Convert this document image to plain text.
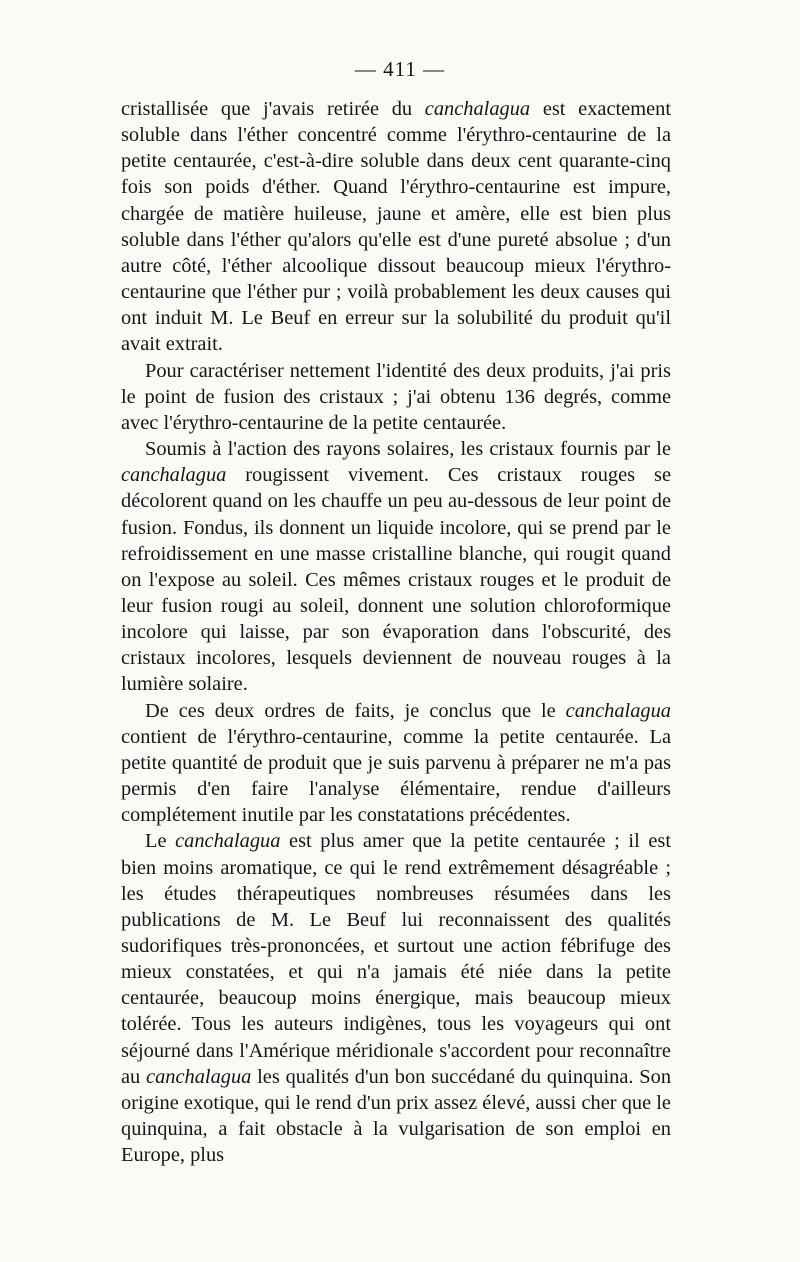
— 411 —

cristallisée que j'avais retirée du canchalagua est exactement soluble dans l'éther concentré comme l'érythro-centaurine de la petite centaurée, c'est-à-dire soluble dans deux cent quarante-cinq fois son poids d'éther. Quand l'érythro-centaurine est impure, chargée de matière huileuse, jaune et amère, elle est bien plus soluble dans l'éther qu'alors qu'elle est d'une pureté absolue ; d'un autre côté, l'éther alcoolique dissout beaucoup mieux l'érythro-centaurine que l'éther pur ; voilà probablement les deux causes qui ont induit M. Le Beuf en erreur sur la solubilité du produit qu'il avait extrait.

Pour caractériser nettement l'identité des deux produits, j'ai pris le point de fusion des cristaux ; j'ai obtenu 136 degrés, comme avec l'érythro-centaurine de la petite centaurée.

Soumis à l'action des rayons solaires, les cristaux fournis par le canchalagua rougissent vivement. Ces cristaux rouges se décolorent quand on les chauffe un peu au-dessous de leur point de fusion. Fondus, ils donnent un liquide incolore, qui se prend par le refroidissement en une masse cristalline blanche, qui rougit quand on l'expose au soleil. Ces mêmes cristaux rouges et le produit de leur fusion rougi au soleil, donnent une solution chloroformique incolore qui laisse, par son évaporation dans l'obscurité, des cristaux incolores, lesquels deviennent de nouveau rouges à la lumière solaire.

De ces deux ordres de faits, je conclus que le canchalagua contient de l'érythro-centaurine, comme la petite centaurée. La petite quantité de produit que je suis parvenu à préparer ne m'a pas permis d'en faire l'analyse élémentaire, rendue d'ailleurs complétement inutile par les constatations précédentes.

Le canchalagua est plus amer que la petite centaurée ; il est bien moins aromatique, ce qui le rend extrêmement désagréable ; les études thérapeutiques nombreuses résumées dans les publications de M. Le Beuf lui reconnaissent des qualités sudorifiques très-prononcées, et surtout une action fébrifuge des mieux constatées, et qui n'a jamais été niée dans la petite centaurée, beaucoup moins énergique, mais beaucoup mieux tolérée. Tous les auteurs indigènes, tous les voyageurs qui ont séjourné dans l'Amérique méridionale s'accordent pour reconnaître au canchalagua les qualités d'un bon succédané du quinquina. Son origine exotique, qui le rend d'un prix assez élevé, aussi cher que le quinquina, a fait obstacle à la vulgarisation de son emploi en Europe, plus
